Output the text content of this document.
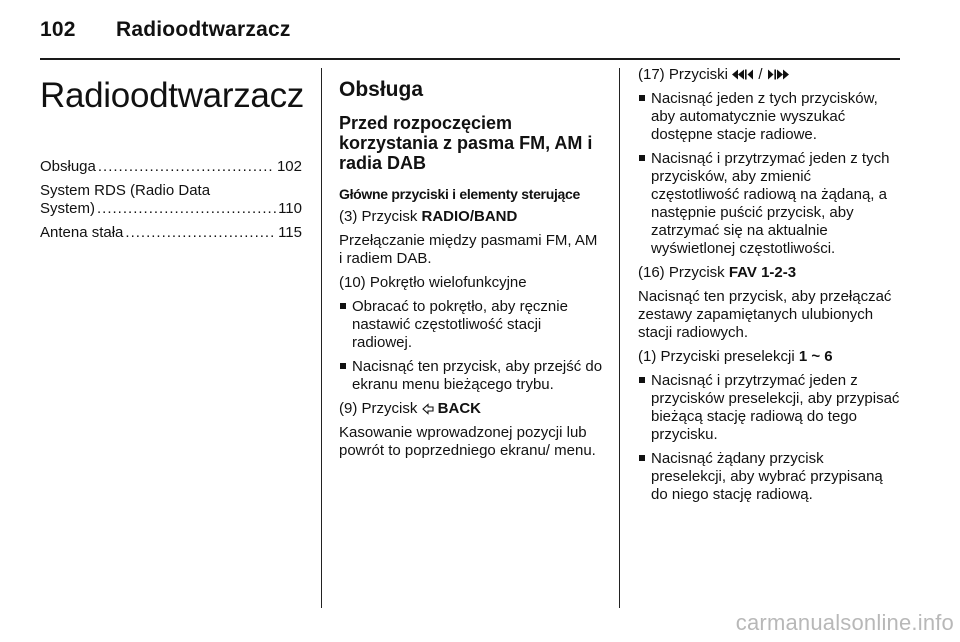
102 Radioodtwarzacz
Radioodtwarzacz
Obsługa .....	102
System RDS (Radio Data
System) .....	110
Antena stała .....	115
Obsługa
Przed rozpoczęciem korzystania z pasma FM, AM i radia DAB
Główne przyciski i elementy sterujące

(3) Przycisk RADIO/BAND

Przełączanie między pasmami FM, AM i radiem DAB.

(10) Pokrętło wielofunkcyjne

Obracać to pokrętło, aby ręcznie nastawić częstotliwość stacji radiowej.
Nacisnąć ten przycisk, aby przejść do ekranu menu bieżącego trybu.

(9) Przycisk  BACK

Kasowanie wprowadzonej pozycji lub powrót to poprzedniego ekranu/ menu.

(17) Przyciski  /

Nacisnąć jeden z tych przycisków, aby automatycznie wyszukać dostępne stacje radiowe.
Nacisnąć i przytrzymać jeden z tych przycisków, aby zmienić częstotliwość radiową na żądaną, a następnie puścić przycisk, aby zatrzymać się na aktualnie wyświetlonej częstotliwości.

(16) Przycisk FAV 1-2-3

Nacisnąć ten przycisk, aby przełączać zestawy zapamiętanych ulubionych stacji radiowych.

(1) Przyciski preselekcji 1 ~ 6

Nacisnąć i przytrzymać jeden z przycisków preselekcji, aby przypisać bieżącą stację radiową do tego przycisku.
Nacisnąć żądany przycisk preselekcji, aby wybrać przypisaną do niego stację radiową.
carmanualsonline.info
